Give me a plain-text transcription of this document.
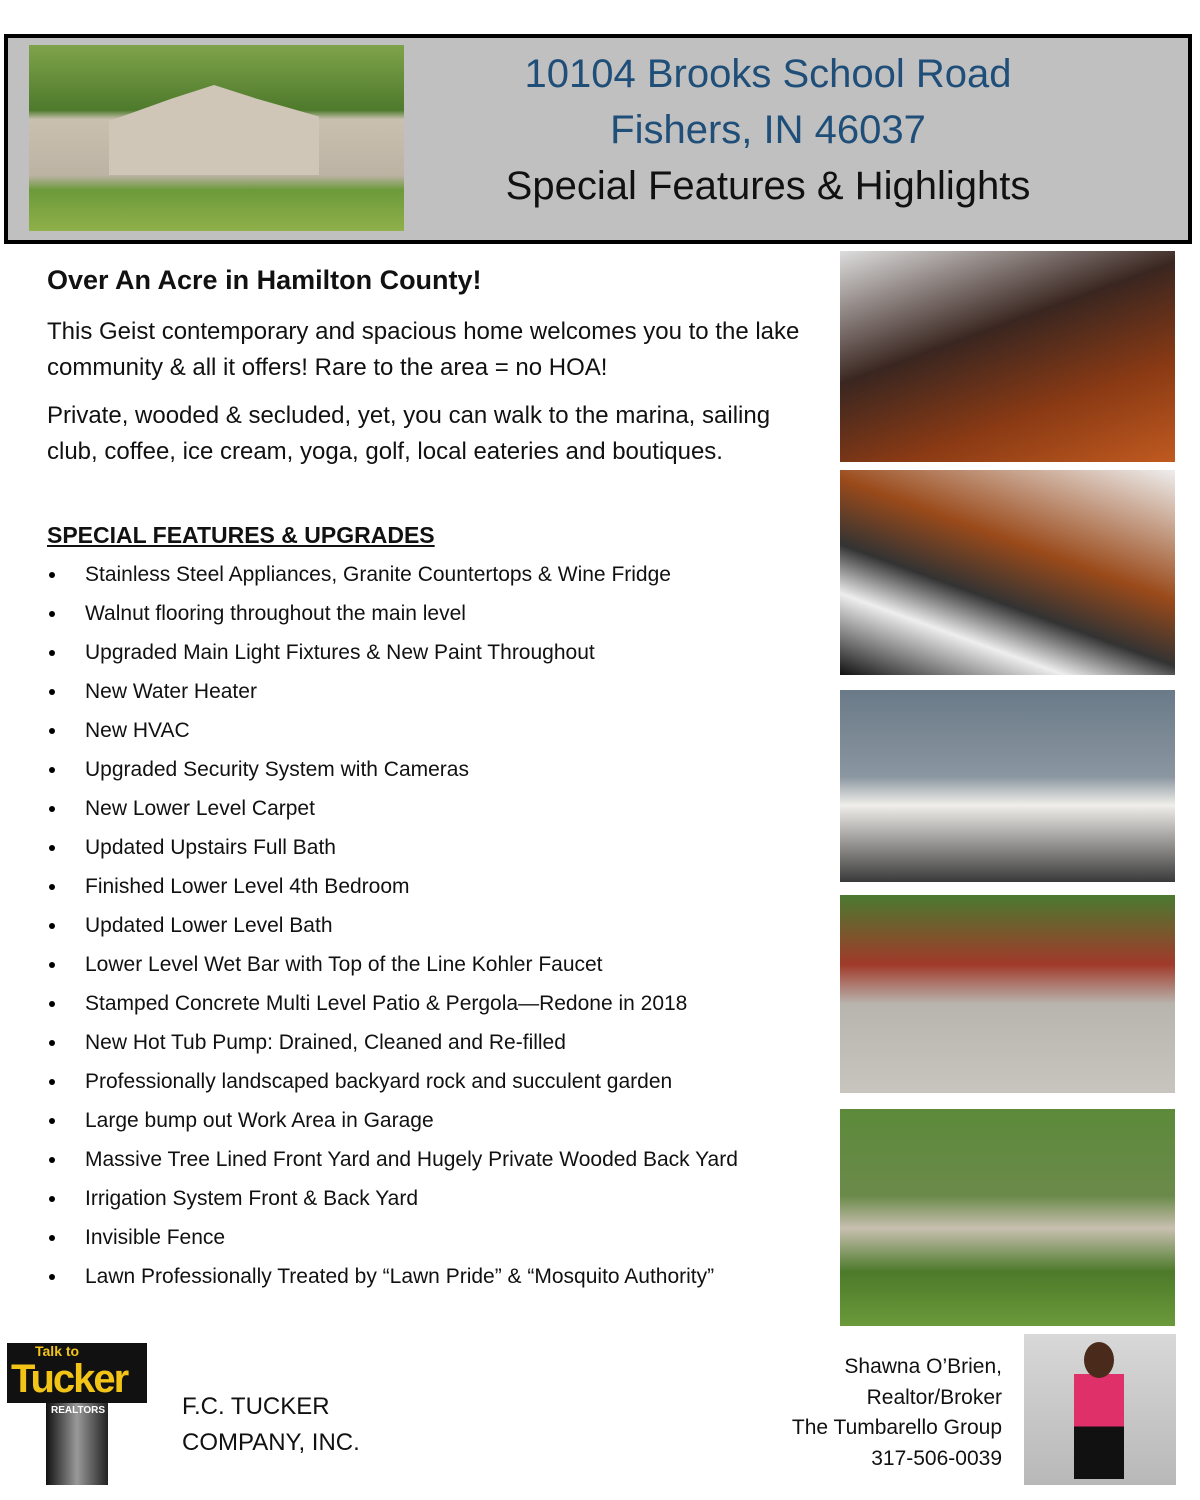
10104 Brooks School Road
Fishers, IN 46037
Special Features & Highlights
Over An Acre in Hamilton County!
This Geist contemporary and spacious home welcomes you to the lake community & all it offers! Rare to the area = no HOA!
Private, wooded & secluded, yet, you can walk to the marina, sailing club, coffee, ice cream, yoga, golf, local eateries and boutiques.
SPECIAL FEATURES & UPGRADES
Stainless Steel Appliances, Granite Countertops & Wine Fridge
Walnut flooring throughout the main level
Upgraded Main Light Fixtures & New Paint Throughout
New Water Heater
New HVAC
Upgraded Security System with Cameras
New Lower Level Carpet
Updated Upstairs Full Bath
Finished Lower Level 4th Bedroom
Updated Lower Level Bath
Lower Level Wet Bar with Top of the Line Kohler Faucet
Stamped Concrete Multi Level Patio & Pergola—Redone in 2018
New Hot Tub Pump: Drained, Cleaned and Re-filled
Professionally landscaped backyard rock and succulent garden
Large bump out Work Area in Garage
Massive Tree Lined Front Yard and Hugely Private Wooded Back Yard
Irrigation System Front & Back Yard
Invisible Fence
Lawn Professionally Treated by “Lawn Pride” & “Mosquito Authority”
Talk to
Tucker
REALTORS	F.C. TUCKER
COMPANY, INC.
Shawna O’Brien,
Realtor/Broker
The Tumbarello Group
317-506-0039
